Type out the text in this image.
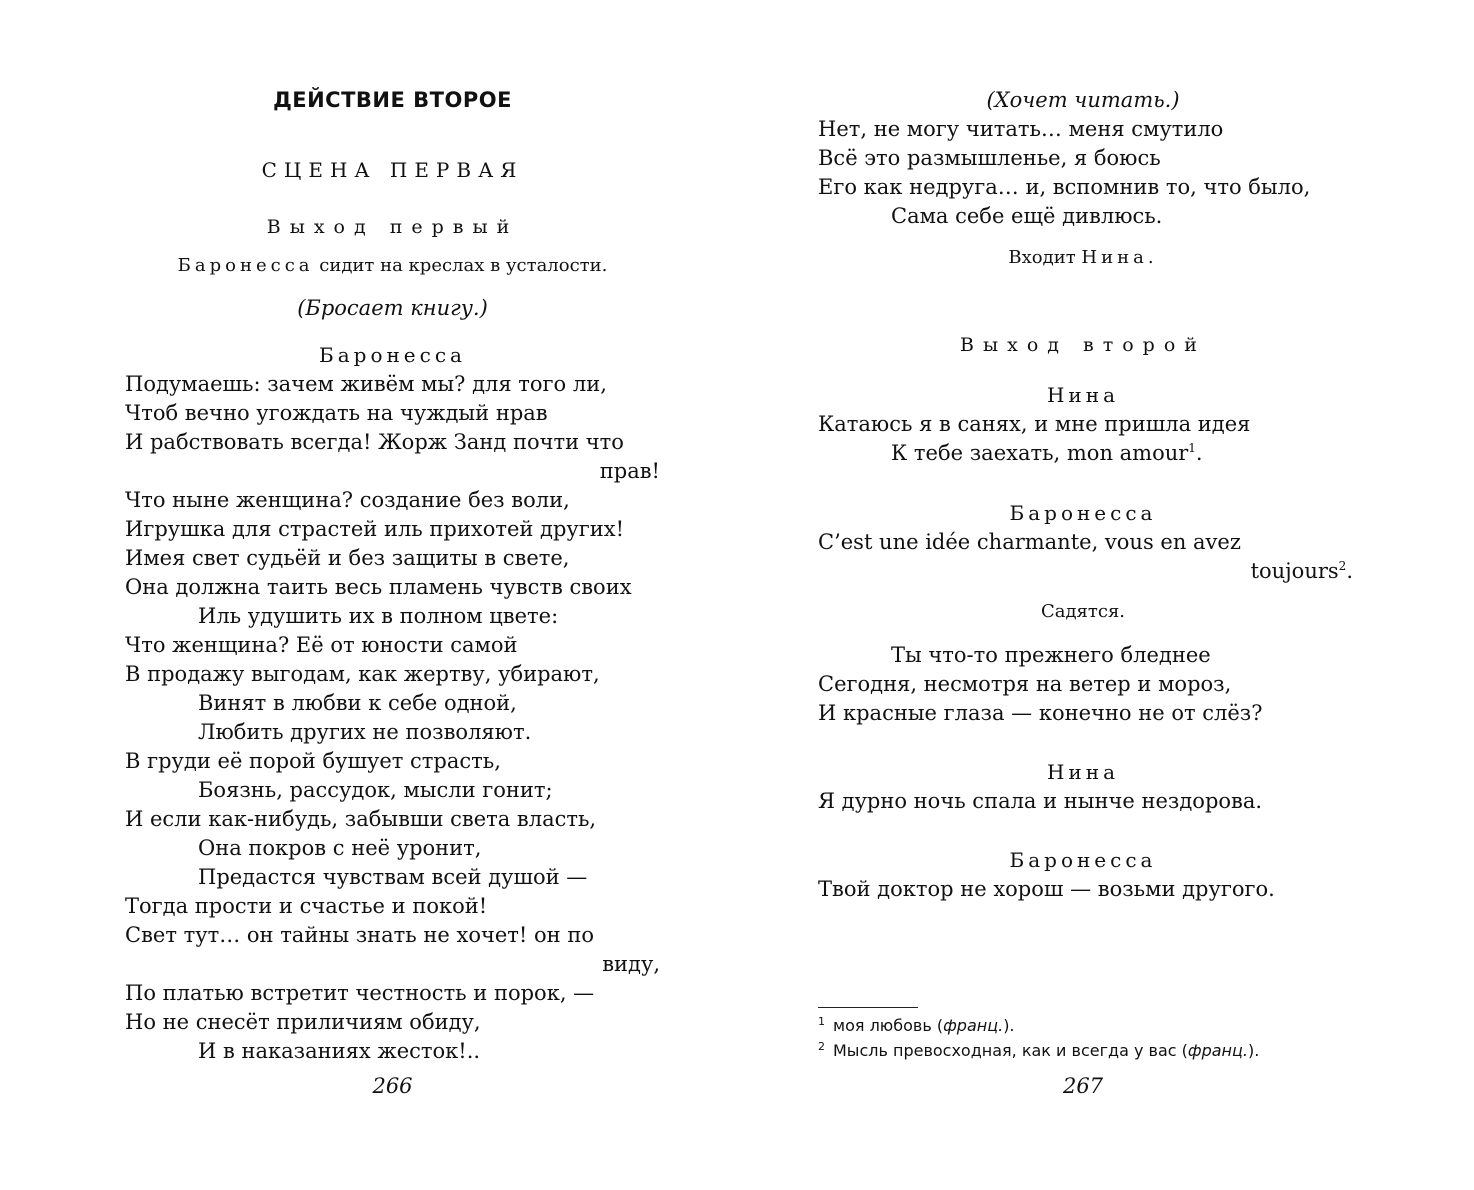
ДЕЙСТВИЕ ВТОРОЕ
СЦЕНА ПЕРВАЯ
Выход первый
Баронесса сидит на креслах в усталости.
(Бросает книгу.)
Баронесса
Подумаешь: зачем живём мы? для того ли,
Чтоб вечно угождать на чуждый нрав
И рабствовать всегда! Жорж Занд почти что
прав!
Что ныне женщина? создание без воли,
Игрушка для страстей иль прихотей других!
Имея свет судьёй и без защиты в свете,
Она должна таить весь пламень чувств своих
Иль удушить их в полном цвете:
Что женщина? Её от юности самой
В продажу выгодам, как жертву, убирают,
Винят в любви к себе одной,
Любить других не позволяют.
В груди её порой бушует страсть,
Боязнь, рассудок, мысли гонит;
И если как-нибудь, забывши света власть,
Она покров с неё уронит,
Предастся чувствам всей душой —
Тогда прости и счастье и покой!
Свет тут… он тайны знать не хочет! он по
виду,
По платью встретит честность и порок, —
Но не снесёт приличиям обиду,
И в наказаниях жесток!..
266
(Хочет читать.)
Нет, не могу читать… меня смутило
Всё это размышленье, я боюсь
Его как недруга… и, вспомнив то, что было,
Сама себе ещё дивлюсь.
Входит Нина.
Выход второй
Нина
Катаюсь я в санях, и мне пришла идея
К тебе заехать, mon amour$^1$.
Баронесса
C’est une idée charmante, vous en avez
toujours$^2$.
Садятся.
Ты что-то прежнего бледнее
Сегодня, несмотря на ветер и мороз,
И красные глаза — конечно не от слёз?
Нина
Я дурно ночь спала и нынче нездорова.
Баронесса
Твой доктор не хорош — возьми другого.
$^1$ моя любовь (франц.).
$^2$ Мысль превосходная, как и всегда у вас (франц.).
267
